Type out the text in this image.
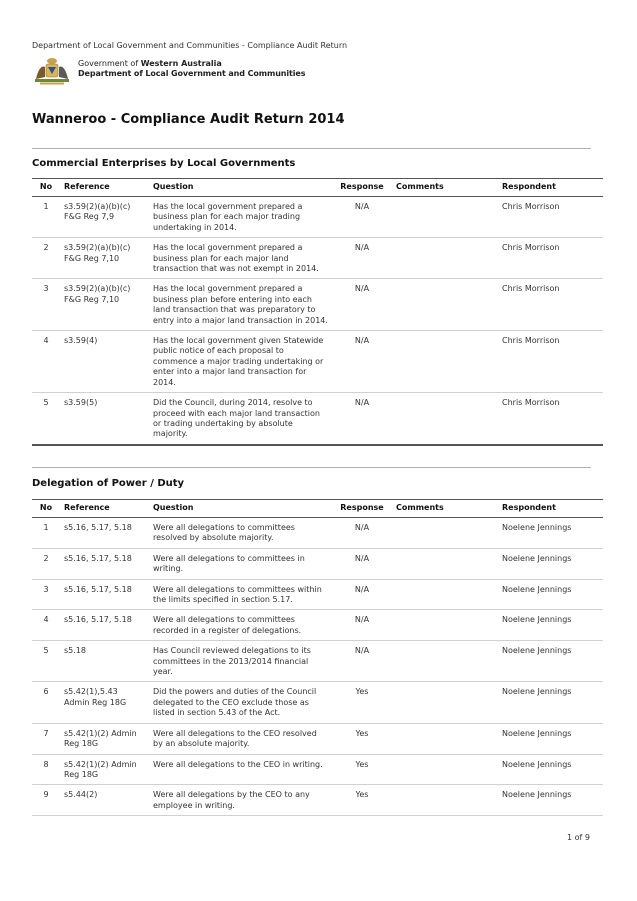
Department of Local Government and Communities - Compliance Audit Return
Government of Western Australia
Department of Local Government and Communities
Wanneroo - Compliance Audit Return 2014
Commercial Enterprises by Local Governments
No	Reference	Question	Response	Comments	Respondent
1	s3.59(2)(a)(b)(c) F&G Reg 7,9	Has the local government prepared a business plan for each major trading undertaking in 2014.	N/A		Chris Morrison
2	s3.59(2)(a)(b)(c) F&G Reg 7,10	Has the local government prepared a business plan for each major land transaction that was not exempt in 2014.	N/A		Chris Morrison
3	s3.59(2)(a)(b)(c) F&G Reg 7,10	Has the local government prepared a business plan before entering into each land transaction that was preparatory to entry into a major land transaction in 2014.	N/A		Chris Morrison
4	s3.59(4)	Has the local government given Statewide public notice of each proposal to commence a major trading undertaking or enter into a major land transaction for 2014.	N/A		Chris Morrison
5	s3.59(5)	Did the Council, during 2014, resolve to proceed with each major land transaction or trading undertaking by absolute majority.	N/A		Chris Morrison
Delegation of Power / Duty
No	Reference	Question	Response	Comments	Respondent
1	s5.16, 5.17, 5.18	Were all delegations to committees resolved by absolute majority.	N/A		Noelene Jennings
2	s5.16, 5.17, 5.18	Were all delegations to committees in writing.	N/A		Noelene Jennings
3	s5.16, 5.17, 5.18	Were all delegations to committees within the limits specified in section 5.17.	N/A		Noelene Jennings
4	s5.16, 5.17, 5.18	Were all delegations to committees recorded in a register of delegations.	N/A		Noelene Jennings
5	s5.18	Has Council reviewed delegations to its committees in the 2013/2014 financial year.	N/A		Noelene Jennings
6	s5.42(1),5.43 Admin Reg 18G	Did the powers and duties of the Council delegated to the CEO exclude those as listed in section 5.43 of the Act.	Yes		Noelene Jennings
7	s5.42(1)(2) Admin Reg 18G	Were all delegations to the CEO resolved by an absolute majority.	Yes		Noelene Jennings
8	s5.42(1)(2) Admin Reg 18G	Were all delegations to the CEO in writing.	Yes		Noelene Jennings
9	s5.44(2)	Were all delegations by the CEO to any employee in writing.	Yes		Noelene Jennings
1 of 9
